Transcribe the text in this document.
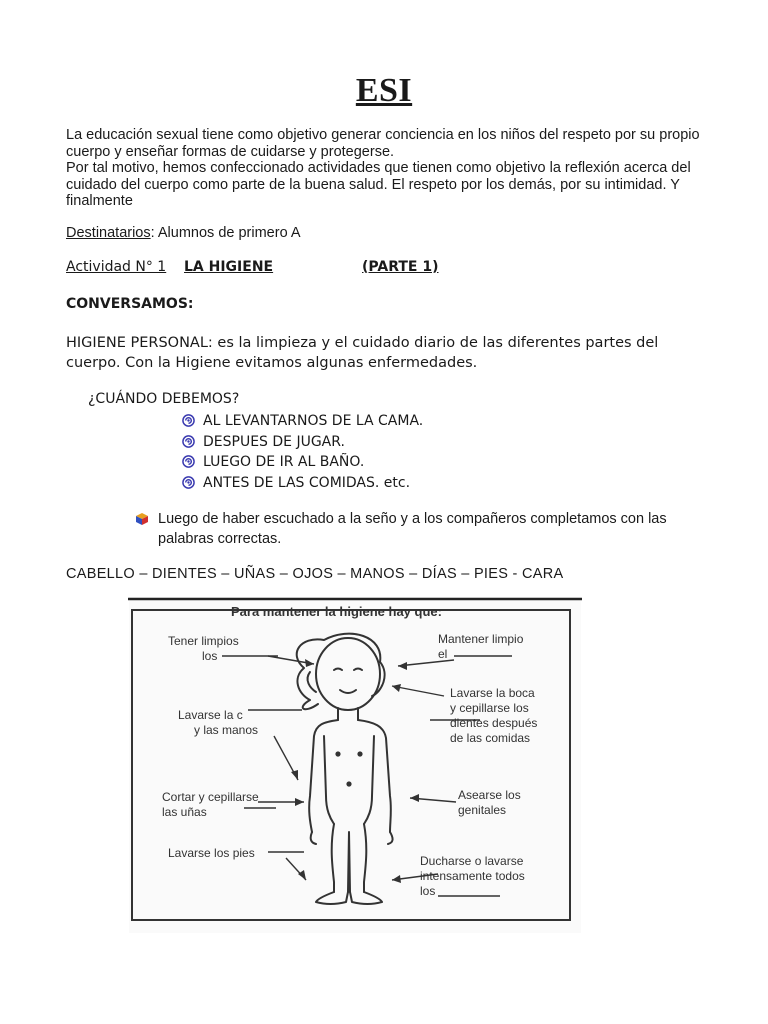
ESI

La educación sexual tiene como objetivo generar conciencia en los niños del respeto por su propio cuerpo y enseñar formas de cuidarse y protegerse.

Por tal motivo, hemos confeccionado actividades que tienen como objetivo la reflexión acerca del cuidado del cuerpo como parte de la buena salud. El respeto por los demás, por su intimidad. Y finalmente

Destinatarios: Alumnos de primero A
Actividad N° 1 LA HIGIENE	(PARTE 1)
CONVERSAMOS:
HIGIENE PERSONAL: es la limpieza y el cuidado diario de las diferentes partes del cuerpo. Con la Higiene evitamos algunas enfermedades.
¿CUÁNDO DEBEMOS?
AL LEVANTARNOS DE LA CAMA.
DESPUES DE JUGAR.
LUEGO DE IR AL BAÑO.
ANTES DE LAS COMIDAS. etc.
Luego de haber escuchado a la seño y a los compañeros completamos con las palabras correctas.
CABELLO – DIENTES – UÑAS – OJOS – MANOS – DÍAS – PIES - CARA
Para mantener la higiene hay que:
Tener limpios
los
Mantener limpio
el
Lavarse la c
y las manos
Lavarse la boca
y cepillarse los
dientes después
de las comidas
Cortar y cepillarse
las uñas
Asearse los
genitales
Lavarse los pies
Ducharse o lavarse
intensamente todos
los
